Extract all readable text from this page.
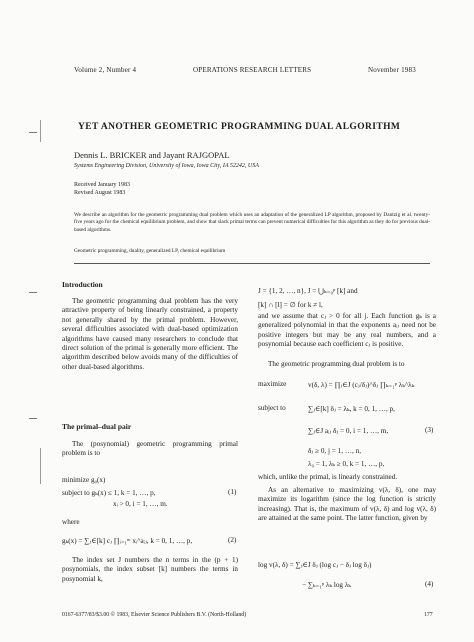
Volume 2, Number 4	OPERATIONS RESEARCH LETTERS	November 1983
YET ANOTHER GEOMETRIC PROGRAMMING DUAL ALGORITHM
Dennis L. BRICKER and Jayant RAJGOPAL
Systems Engineering Division, University of Iowa, Iowa City, IA 52242, USA
Received January 1983
Revised August 1983
We describe an algorithm for the geometric programming dual problem which uses an adaptation of the generalized LP algorithm, proposed by Dantzig et al. twenty-five years ago for the chemical equilibrium problem, and show that slack primal terms can prevent numerical difficulties for this algorithm as they do for previous dual-based algorithms.
Geometric programming, duality, generalized LP, chemical equilibrium
Introduction
The geometric programming dual problem has the very attractive property of being linearly constrained, a property not generally shared by the primal problem. However, several difficulties associated with dual-based optimization algorithms have caused many researchers to conclude that direct solution of the primal is generally more efficient. The algorithm described below avoids many of the difficulties of other dual-based algorithms.
The primal–dual pair
The (posynomial) geometric programming primal problem is to
minimize g₀(x)
subject to gₖ(x) ≤ 1, k = 1, …, p,
xᵢ > 0, i = 1, …, m.
(1)
where
gₖ(x) = ∑ⱼ∈[k] cⱼ ∏ᵢ₌₁ᵐ xᵢ^aᵢⱼ, k = 0, 1, …, p,	(2)
The index set J numbers the n terms in the (p + 1) posynomials, the index subset [k] numbers the terms in posynomial k,
J = {1, 2, …, n}, J = ⋃ₖ₌₀ᵖ [k] and
[k] ∩ [l] = ∅ for k ≠ l,
and we assume that cⱼ > 0 for all j. Each function gₖ is a generalized polynomial in that the exponents aᵢⱼ need not be positive integers but may be any real numbers, and a posynomial because each coefficient cⱼ is positive.
The geometric programming dual problem is to
maximize	v(δ, λ) = ∏ⱼ∈J (cⱼ/δⱼ)^δⱼ ∏ₖ₌₁ᵖ λₖ^λₖ
subject to	∑ⱼ∈[k] δⱼ = λₖ, k = 0, 1, …, p,
∑ⱼ∈J aᵢⱼ δⱼ = 0, i = 1, …, m,
δⱼ ≥ 0, j = 1, …, n,
λ₀ = 1, λₖ ≥ 0, k = 1, …, p,
(3)
which, unlike the primal, is linearly constrained.
As an alternative to maximizing v(λ, δ), one may maximize its logarithm (since the log function is strictly increasing). That is, the maximum of v(λ, δ) and log v(λ, δ) are attained at the same point. The latter function, given by
log v(λ, δ) = ∑ⱼ∈J δⱼ (log cⱼ − δⱼ log δⱼ)
− ∑ₖ₌₁ᵖ λₖ log λₖ	(4)
0167-6377/83/$3.00 © 1983, Elsevier Science Publishers B.V. (North-Holland)	177
